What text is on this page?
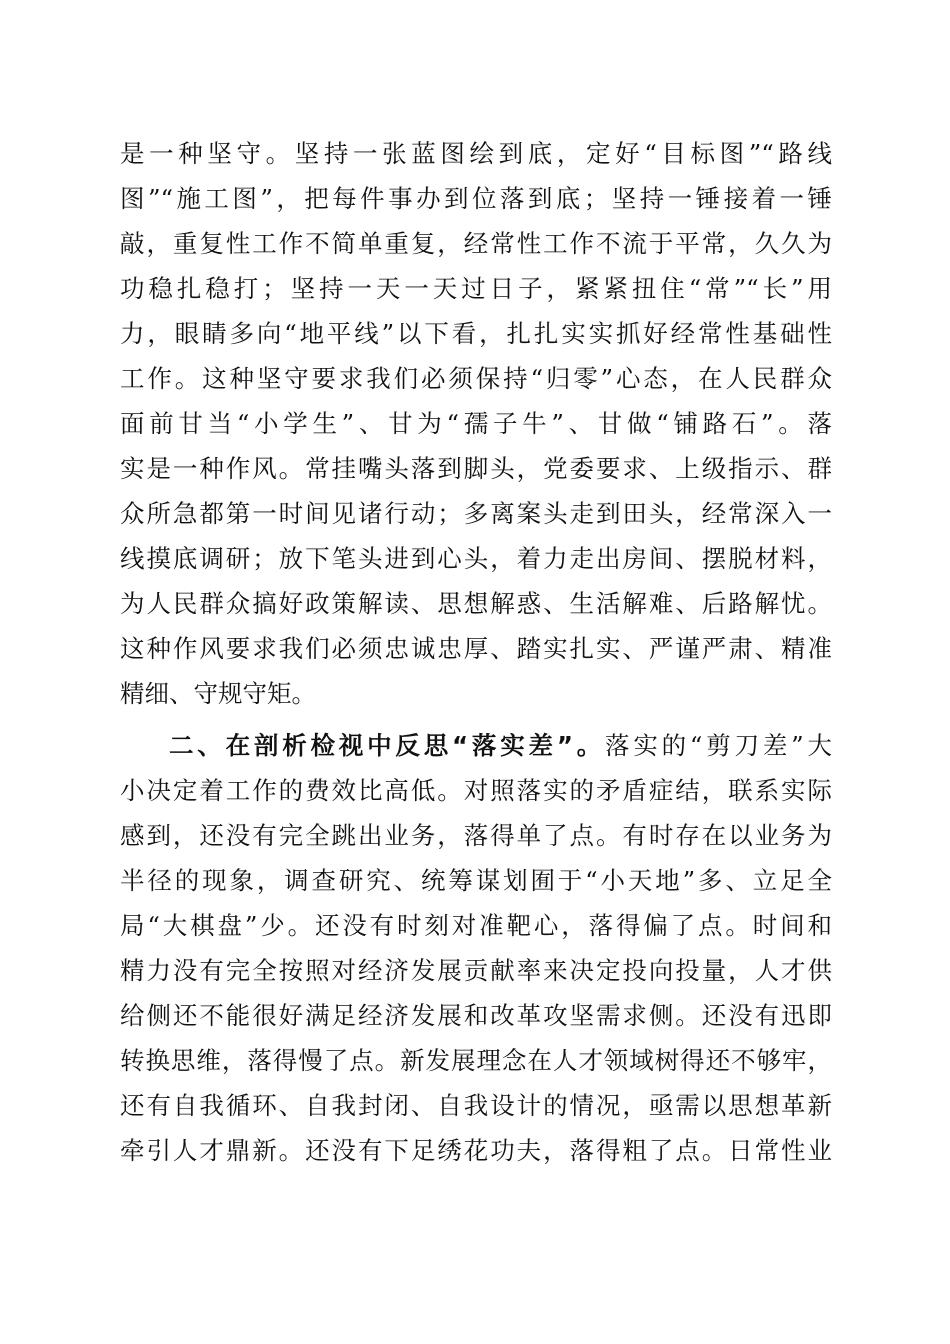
是一种坚守。坚持一张蓝图绘到底，定好“目标图”“路线
图”“施工图”，把每件事办到位落到底；坚持一锤接着一锤
敲，重复性工作不简单重复，经常性工作不流于平常，久久为
功稳扎稳打；坚持一天一天过日子，紧紧扭住“常”“长”用
力，眼睛多向“地平线”以下看，扎扎实实抓好经常性基础性
工作。这种坚守要求我们必须保持“归零”心态，在人民群众
面前甘当“小学生”、甘为“孺子牛”、甘做“铺路石”。落
实是一种作风。常挂嘴头落到脚头，党委要求、上级指示、群
众所急都第一时间见诸行动；多离案头走到田头，经常深入一
线摸底调研；放下笔头进到心头，着力走出房间、摆脱材料，
为人民群众搞好政策解读、思想解惑、生活解难、后路解忧。
这种作风要求我们必须忠诚忠厚、踏实扎实、严谨严肃、精准
精细、守规守矩。
二、在剖析检视中反思“落实差”。落实的“剪刀差”大
小决定着工作的费效比高低。对照落实的矛盾症结，联系实际
感到，还没有完全跳出业务，落得单了点。有时存在以业务为
半径的现象，调查研究、统筹谋划囿于“小天地”多、立足全
局“大棋盘”少。还没有时刻对准靶心，落得偏了点。时间和
精力没有完全按照对经济发展贡献率来决定投向投量，人才供
给侧还不能很好满足经济发展和改革攻坚需求侧。还没有迅即
转换思维，落得慢了点。新发展理念在人才领域树得还不够牢，
还有自我循环、自我封闭、自我设计的情况，亟需以思想革新
牵引人才鼎新。还没有下足绣花功夫，落得粗了点。日常性业
